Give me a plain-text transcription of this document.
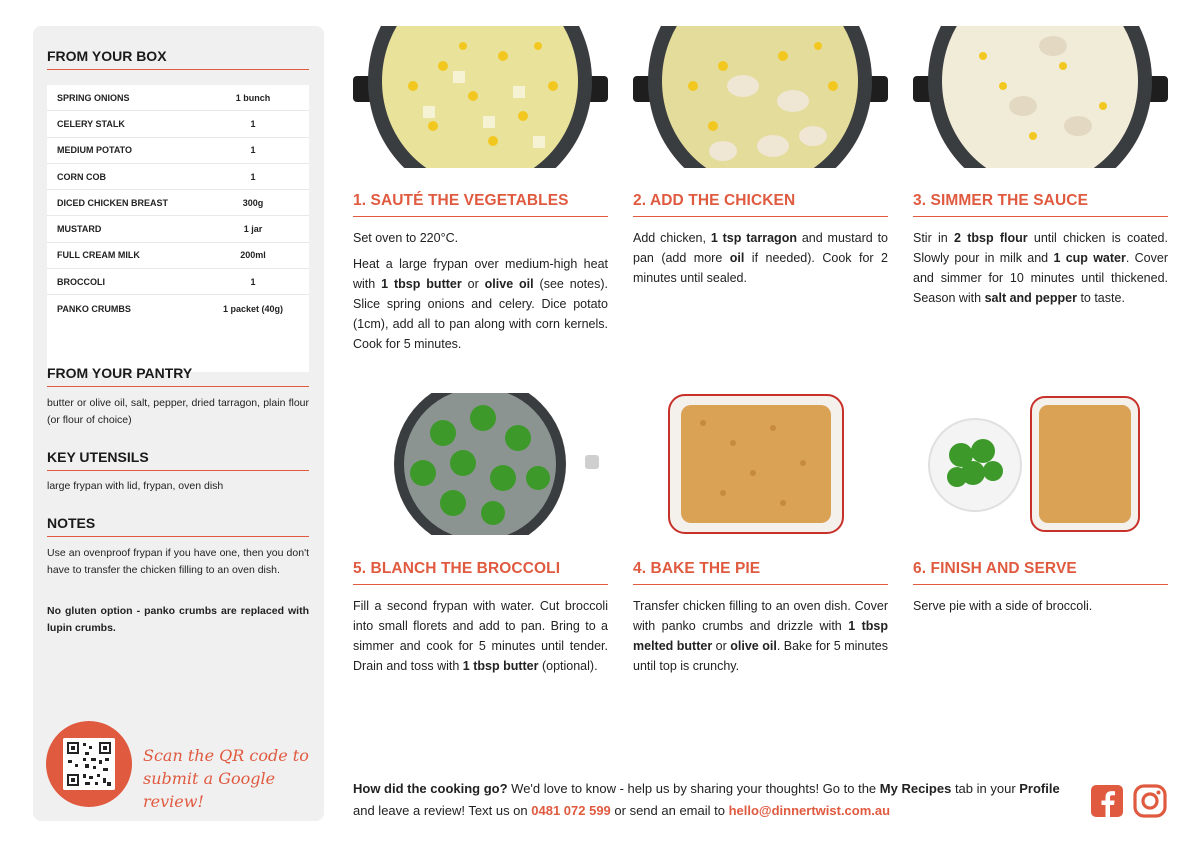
FROM YOUR BOX
SPRING ONIONS	1 bunch
CELERY STALK	1
MEDIUM POTATO	1
CORN COB	1
DICED CHICKEN BREAST	300g
MUSTARD	1 jar
FULL CREAM MILK	200ml
BROCCOLI	1
PANKO CRUMBS	1 packet (40g)
FROM YOUR PANTRY
butter or olive oil, salt, pepper, dried tarragon, plain flour (or flour of choice)
KEY UTENSILS
large frypan with lid, frypan, oven dish
NOTES
Use an ovenproof frypan if you have one, then you don't have to transfer the chicken filling to an oven dish.
No gluten option - panko crumbs are replaced with lupin crumbs.
Scan the QR code to submit a Google review!
1. SAUTÉ THE VEGETABLES

Set oven to 220°C.

Heat a large frypan over medium-high heat with 1 tbsp butter or olive oil (see notes). Slice spring onions and celery. Dice potato (1cm), add all to pan along with corn kernels. Cook for 5 minutes.

2. ADD THE CHICKEN

Add chicken, 1 tsp tarragon and mustard to pan (add more oil if needed). Cook for 2 minutes until sealed.

3. SIMMER THE SAUCE

Stir in 2 tbsp flour until chicken is coated. Slowly pour in milk and 1 cup water. Cover and simmer for 10 minutes until thickened. Season with salt and pepper to taste.

5. BLANCH THE BROCCOLI

Fill a second frypan with water. Cut broccoli into small florets and add to pan. Bring to a simmer and cook for 5 minutes until tender. Drain and toss with 1 tbsp butter (optional).

4. BAKE THE PIE

Transfer chicken filling to an oven dish. Cover with panko crumbs and drizzle with 1 tbsp melted butter or olive oil. Bake for 5 minutes until top is crunchy.

6. FINISH AND SERVE

Serve pie with a side of broccoli.

How did the cooking go? We'd love to know - help us by sharing your thoughts! Go to the My Recipes tab in your Profile and leave a review! Text us on 0481 072 599 or send an email to hello@dinnertwist.com.au
